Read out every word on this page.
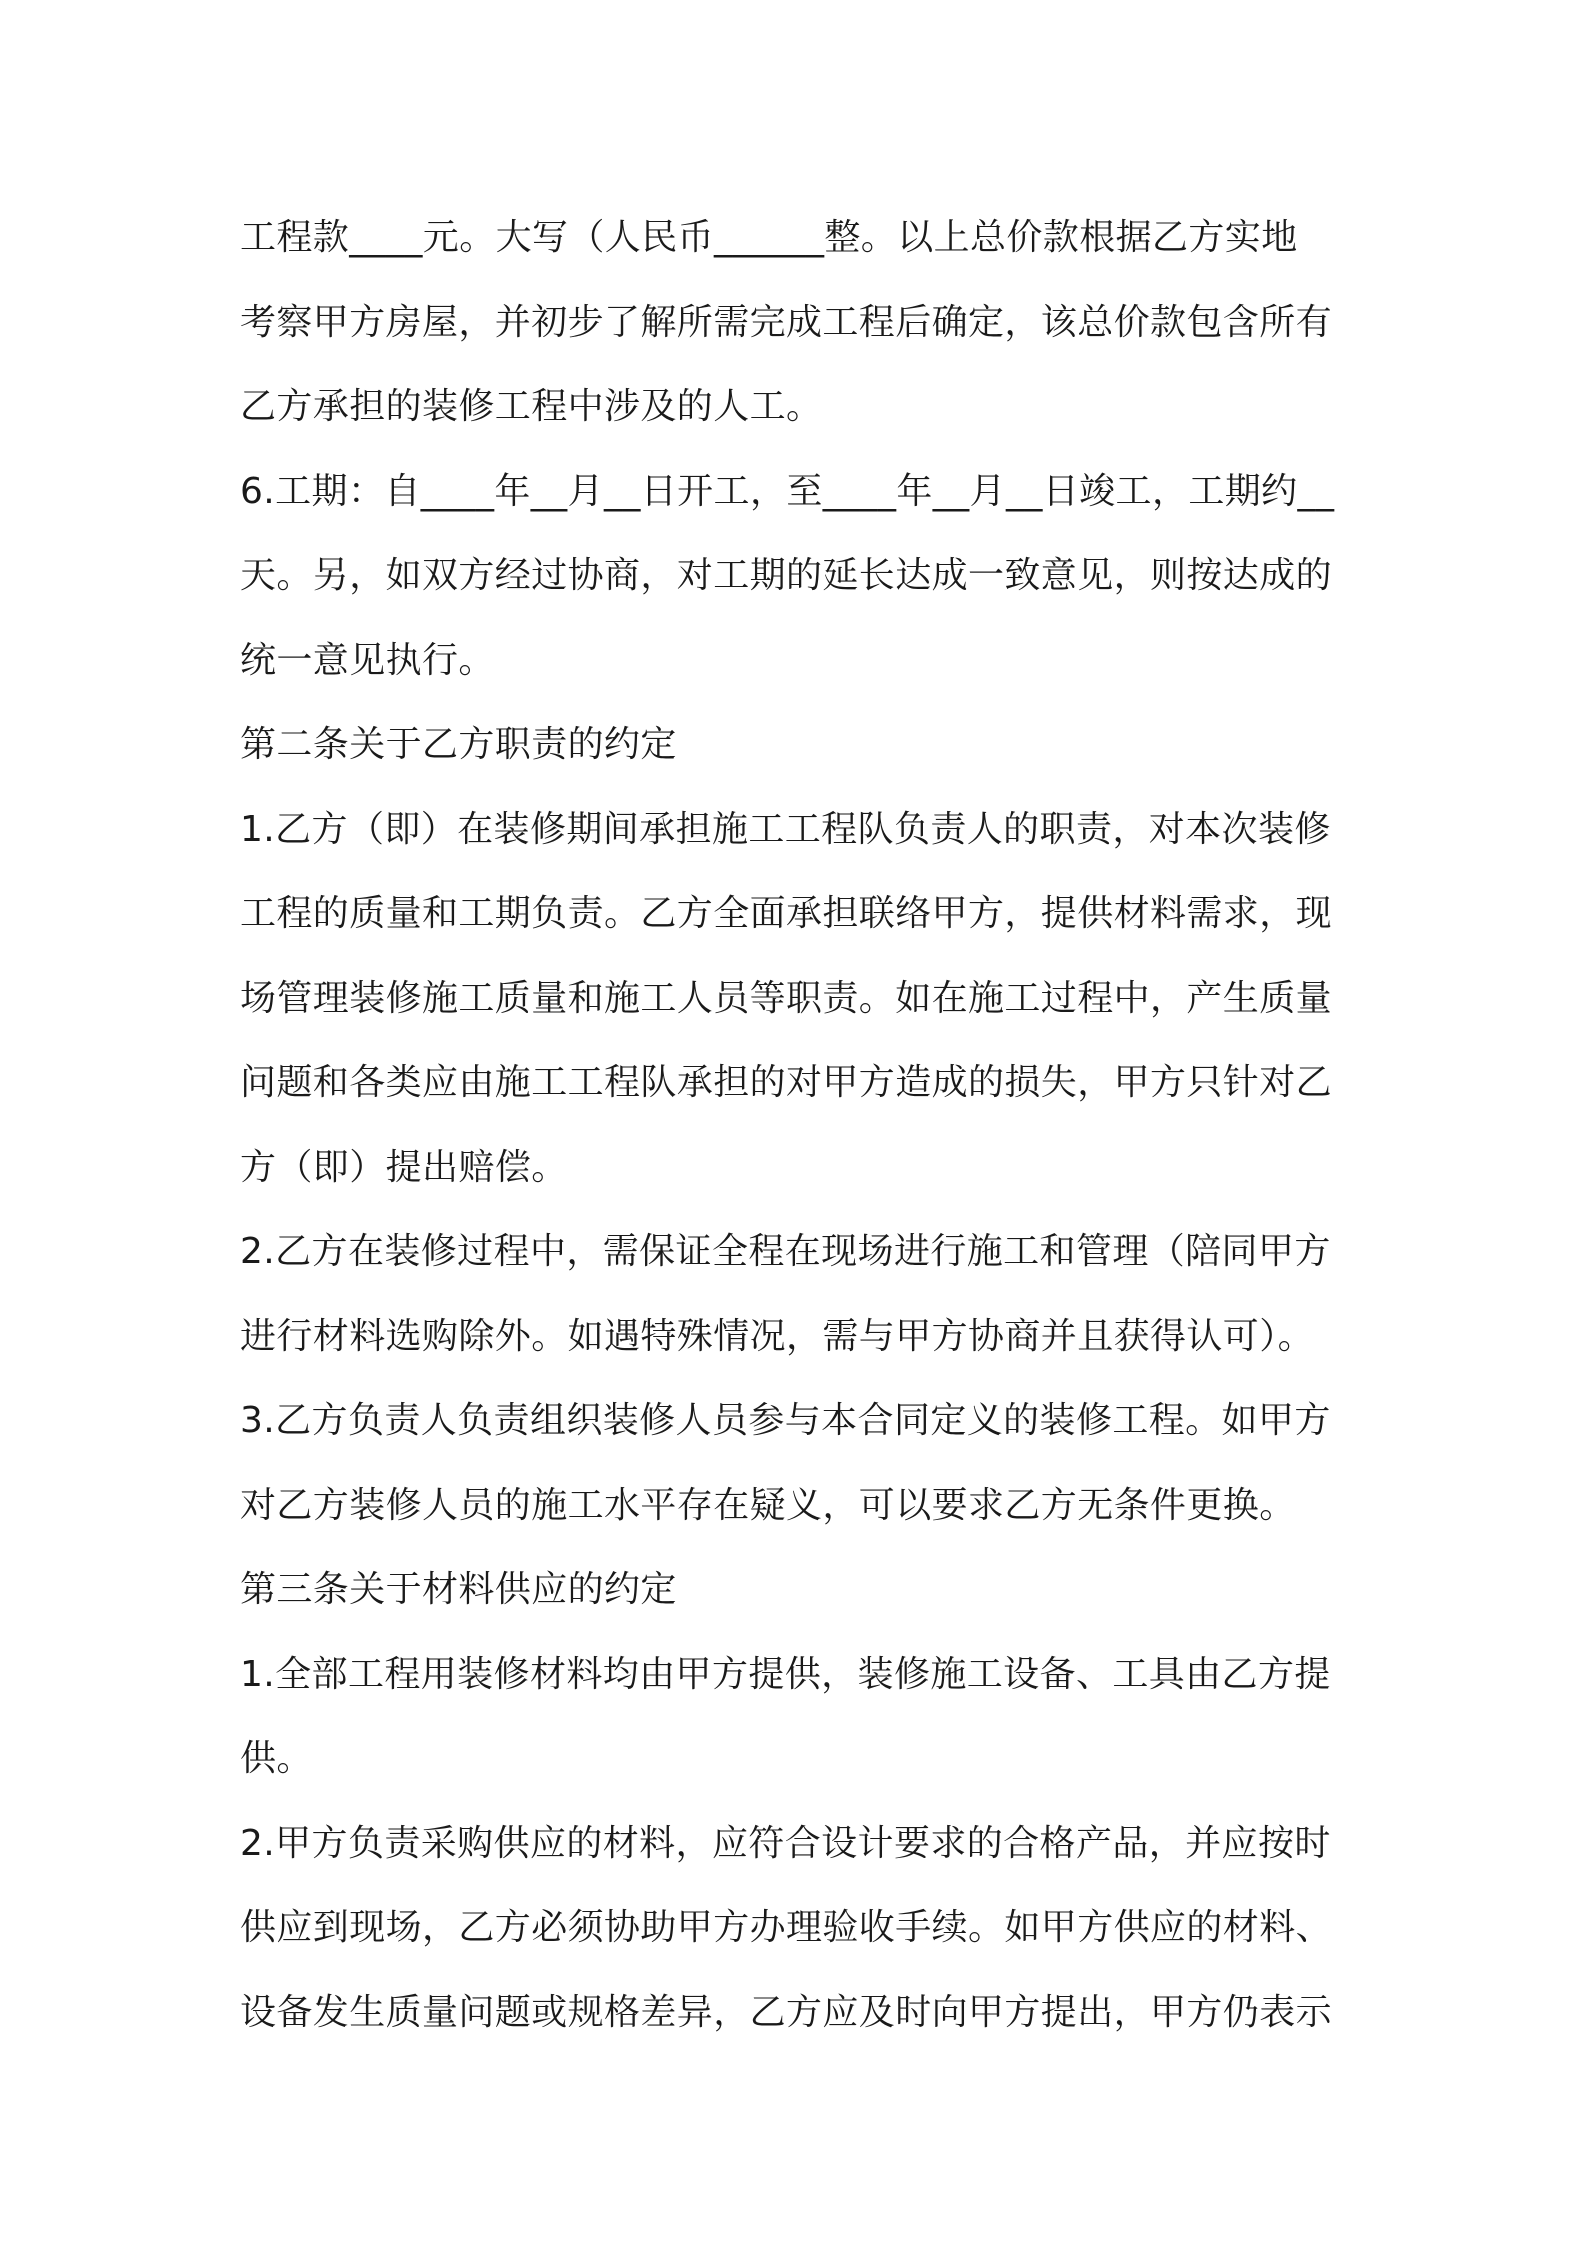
工程款____元。大写（人民币______整。以上总价款根据乙方实地
考察甲方房屋，并初步了解所需完成工程后确定，该总价款包含所有
乙方承担的装修工程中涉及的人工。
6.工期：自____年__月__日开工，至____年__月__日竣工，工期约__
天。另，如双方经过协商，对工期的延长达成一致意见，则按达成的
统一意见执行。
第二条关于乙方职责的约定
1.乙方（即）在装修期间承担施工工程队负责人的职责，对本次装修
工程的质量和工期负责。乙方全面承担联络甲方，提供材料需求，现
场管理装修施工质量和施工人员等职责。如在施工过程中，产生质量
问题和各类应由施工工程队承担的对甲方造成的损失，甲方只针对乙
方（即）提出赔偿。
2.乙方在装修过程中，需保证全程在现场进行施工和管理（陪同甲方
进行材料选购除外。如遇特殊情况，需与甲方协商并且获得认可）。
3.乙方负责人负责组织装修人员参与本合同定义的装修工程。如甲方
对乙方装修人员的施工水平存在疑义，可以要求乙方无条件更换。
第三条关于材料供应的约定
1.全部工程用装修材料均由甲方提供，装修施工设备、工具由乙方提
供。
2.甲方负责采购供应的材料，应符合设计要求的合格产品，并应按时
供应到现场，乙方必须协助甲方办理验收手续。如甲方供应的材料、
设备发生质量问题或规格差异，乙方应及时向甲方提出，甲方仍表示
